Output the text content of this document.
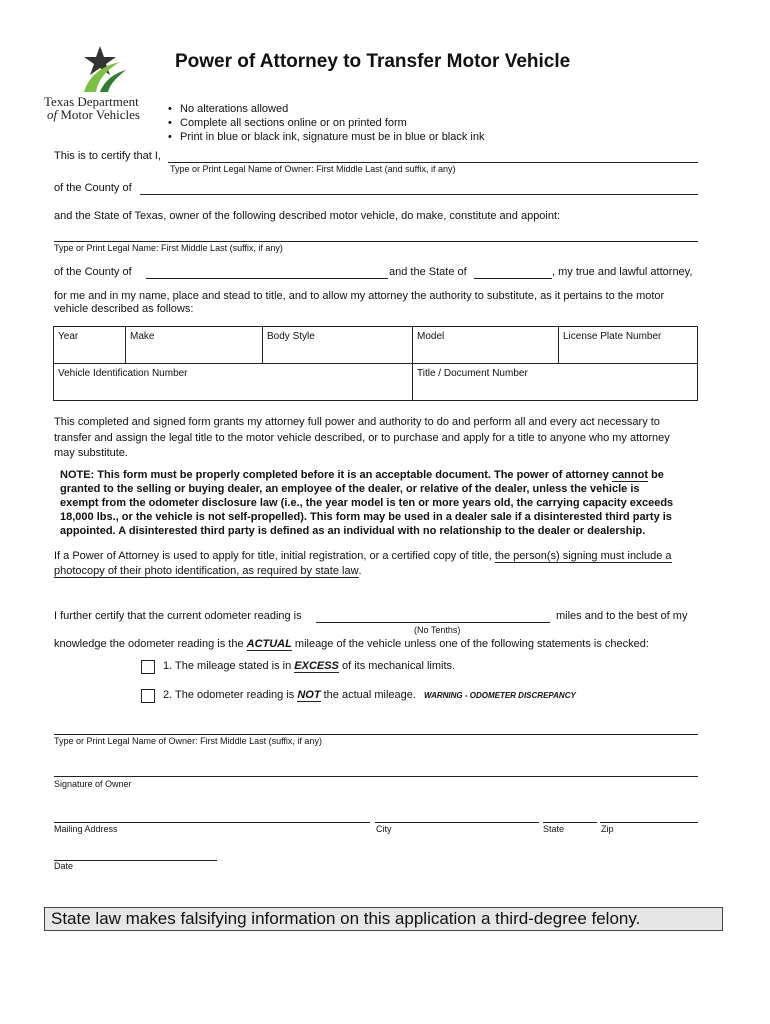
Texas Department
of Motor Vehicles
Power of Attorney to Transfer Motor Vehicle
• No alterations allowed
• Complete all sections online or on printed form
• Print in blue or black ink, signature must be in blue or black ink
This is to certify that I,
Type or Print Legal Name of Owner: First Middle Last (and suffix, if any)
of the County of
and the State of Texas, owner of the following described motor vehicle, do make, constitute and appoint:
Type or Print Legal Name: First Middle Last (suffix, if any)
of the County of	and the State of	, my true and lawful attorney,
for me and in my name, place and stead to title, and to allow my attorney the authority to substitute, as it pertains to the motor
vehicle described as follows:
Year	Make	Body Style	Model	License Plate Number
Vehicle Identification Number			Title / Document Number	
This completed and signed form grants my attorney full power and authority to do and perform all and every act necessary to
transfer and assign the legal title to the motor vehicle described, or to purchase and apply for a title to anyone who my attorney
may substitute.
NOTE: This form must be properly completed before it is an acceptable document. The power of attorney cannot be
granted to the selling or buying dealer, an employee of the dealer, or relative of the dealer, unless the vehicle is
exempt from the odometer disclosure law (i.e., the year model is ten or more years old, the carrying capacity exceeds
18,000 lbs., or the vehicle is not self-propelled). This form may be used in a dealer sale if a disinterested third party is
appointed. A disinterested third party is defined as an individual with no relationship to the dealer or dealership.
If a Power of Attorney is used to apply for title, initial registration, or a certified copy of title, the person(s) signing must include a
photocopy of their photo identification, as required by state law.
I further certify that the current odometer reading is	miles and to the best of my
(No Tenths)
knowledge the odometer reading is the ACTUAL mileage of the vehicle unless one of the following statements is checked:
1. The mileage stated is in EXCESS of its mechanical limits.
2. The odometer reading is NOT the actual mileage. WARNING - ODOMETER DISCREPANCY
Type or Print Legal Name of Owner: First Middle Last (suffix, if any)
Signature of Owner
Mailing Address	City	State	Zip
Date
State law makes falsifying information on this application a third-degree felony.
